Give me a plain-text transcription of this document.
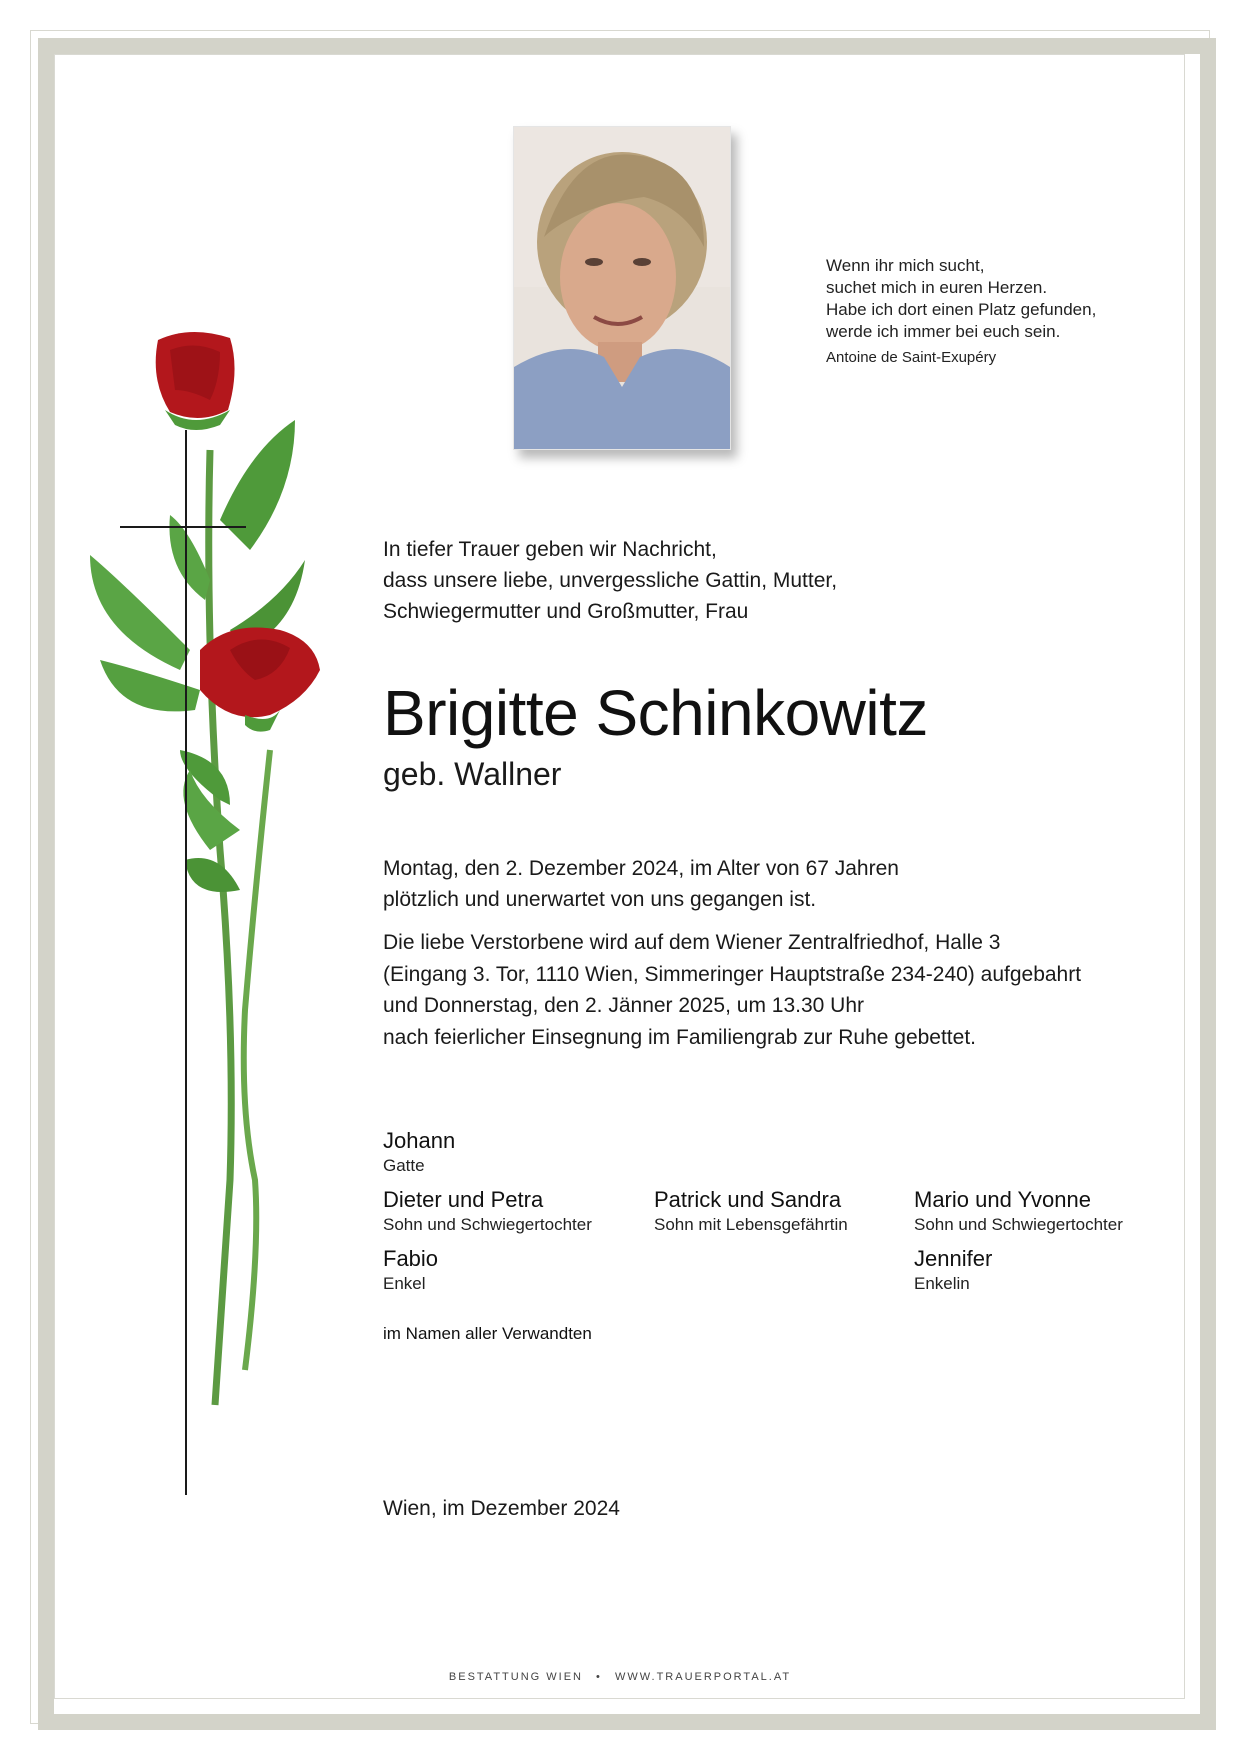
Wenn ihr mich sucht,
suchet mich in euren Herzen.
Habe ich dort einen Platz gefunden,
werde ich immer bei euch sein.
Antoine de Saint-Exupéry
In tiefer Trauer geben wir Nachricht,
dass unsere liebe, unvergessliche Gattin, Mutter,
Schwiegermutter und Großmutter, Frau
Brigitte Schinkowitz
geb. Wallner
Montag, den 2. Dezember 2024, im Alter von 67 Jahren
plötzlich und unerwartet von uns gegangen ist.
Die liebe Verstorbene wird auf dem Wiener Zentralfriedhof, Halle 3
(Eingang 3. Tor, 1110 Wien, Simmeringer Hauptstraße 234-240) aufgebahrt
und Donnerstag, den 2. Jänner 2025, um 13.30 Uhr
nach feierlicher Einsegnung im Familiengrab zur Ruhe gebettet.
Johann
Gatte
Dieter und Petra
Sohn und Schwiegertochter
Patrick und Sandra
Sohn mit Lebensgefährtin
Mario und Yvonne
Sohn und Schwiegertochter
Fabio
Enkel
Jennifer
Enkelin
im Namen aller Verwandten
Wien, im Dezember 2024
BESTATTUNG WIEN • WWW.TRAUERPORTAL.AT
